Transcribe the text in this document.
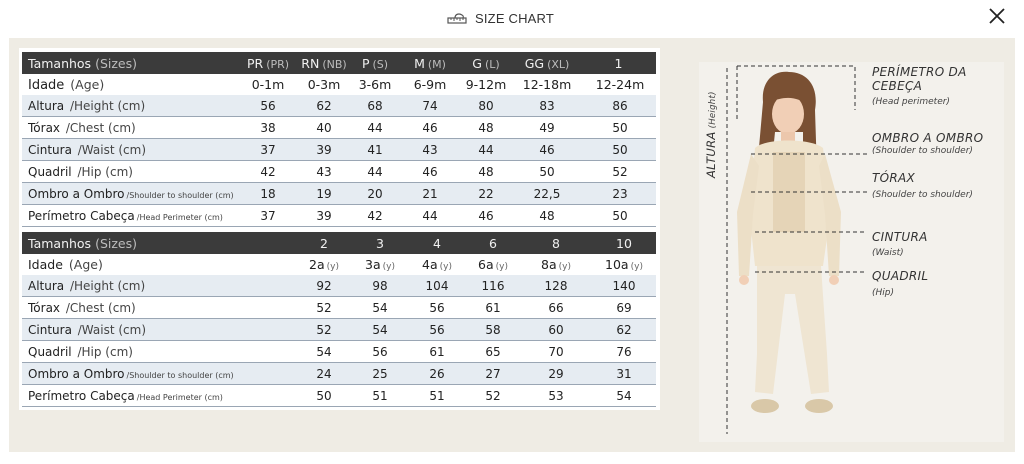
SIZE CHART
Tamanhos (Sizes)	PR (PR)	RN (NB)	P (S)	M (M)	G (L)	GG (XL)	1
Idade (Age)	0-1m	0-3m	3-6m	6-9m	9-12m	12-18m	12-24m
Altura /Height (cm)	56	62	68	74	80	83	86
Tórax /Chest (cm)	38	40	44	46	48	49	50
Cintura /Waist (cm)	37	39	41	43	44	46	50
Quadril /Hip (cm)	42	43	44	46	48	50	52
Ombro a Ombro /Shoulder to shoulder (cm)	18	19	20	21	22	22,5	23
Perímetro Cabeça /Head Perimeter (cm)	37	39	42	44	46	48	50
Tamanhos (Sizes)	2	3	4	6	8	10
Idade (Age)	2a (y)	3a (y)	4a (y)	6a (y)	8a (y)	10a (y)
Altura /Height (cm)	92	98	104	116	128	140
Tórax /Chest (cm)	52	54	56	61	66	69
Cintura /Waist (cm)	52	54	56	58	60	62
Quadril /Hip (cm)	54	56	61	65	70	76
Ombro a Ombro /Shoulder to shoulder (cm)	24	25	26	27	29	31
Perímetro Cabeça /Head Perimeter (cm)	50	51	51	52	53	54
ALTURA(Height)
PERÍMETRO DA
CEBEÇA
(Head perimeter)
OMBRO A OMBRO
(Shoulder to shoulder)
TÓRAX
(Shoulder to shoulder)
CINTURA
(Waist)
QUADRIL
(Hip)
